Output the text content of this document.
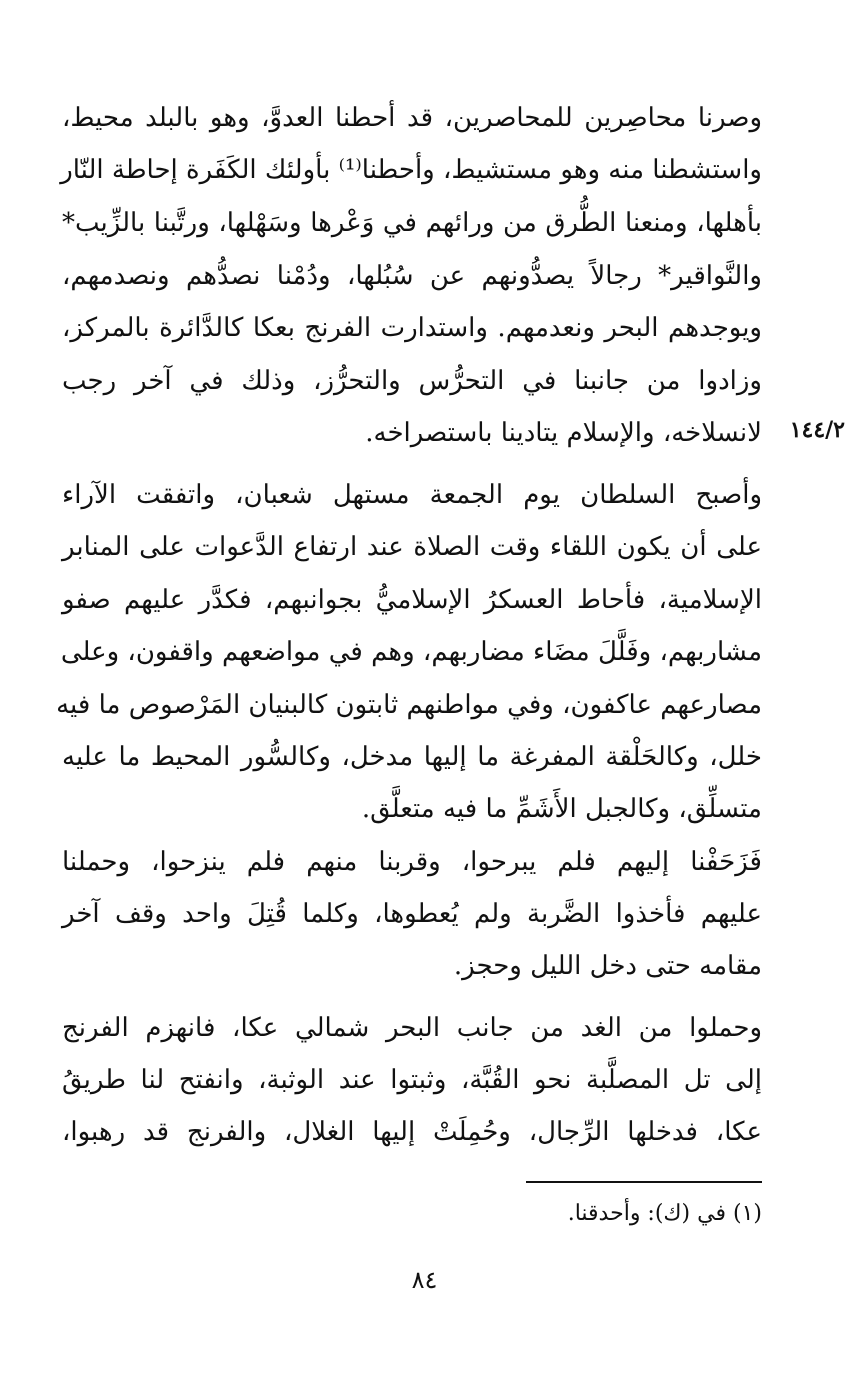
وصرنا محاصِرين للمحاصرين، قد أحطنا العدوَّ، وهو بالبلد محيط،
واستشطنا منه وهو مستشيط، وأحطنا⁽¹⁾ بأولئك الكَفَرة إحاطة النّار
بأهلها، ومنعنا الطُّرق من ورائهم في وَعْرها وسَهْلها، ورتَّبنا بالزِّيب*
والنَّواقير* رجالاً يصدُّونهم عن سُبُلها، ودُمْنا نصدُّهم ونصدمهم،
ويوجدهم البحر ونعدمهم. واستدارت الفرنج بعكا كالدَّائرة بالمركز،
وزادوا من جانبنا في التحرُّس والتحرُّز، وذلك في آخر رجب
لانسلاخه، والإسلام يتادينا باستصراخه. ١٤٤/٢
وأصبح السلطان يوم الجمعة مستهل شعبان، واتفقت الآراء
على أن يكون اللقاء وقت الصلاة عند ارتفاع الدَّعوات على المنابر
الإسلامية، فأحاط العسكرُ الإسلاميُّ بجوانبهم، فكدَّر عليهم صفو
مشاربهم، وفَلَّلَ مضَاء مضاربهم، وهم في مواضعهم واقفون، وعلى
مصارعهم عاكفون، وفي مواطنهم ثابتون كالبنيان المَرْصوص ما فيه
خلل، وكالحَلْقة المفرغة ما إليها مدخل، وكالسُّور المحيط ما عليه
متسلِّق، وكالجبل الأَشَمِّ ما فيه متعلَّق.
فَزَحَفْنا إليهم فلم يبرحوا، وقربنا منهم فلم ينزحوا، وحملنا
عليهم فأخذوا الضَّربة ولم يُعطوها، وكلما قُتِلَ واحد وقف آخر
مقامه حتى دخل الليل وحجز.
وحملوا من الغد من جانب البحر شمالي عكا، فانهزم الفرنج
إلى تل المصلَّبة نحو القُبَّة، وثبتوا عند الوثبة، وانفتح لنا طريقُ
عكا، فدخلها الرِّجال، وحُمِلَتْ إليها الغلال، والفرنج قد رهبوا،
(١) في (ك): وأحدقنا.
٨٤
